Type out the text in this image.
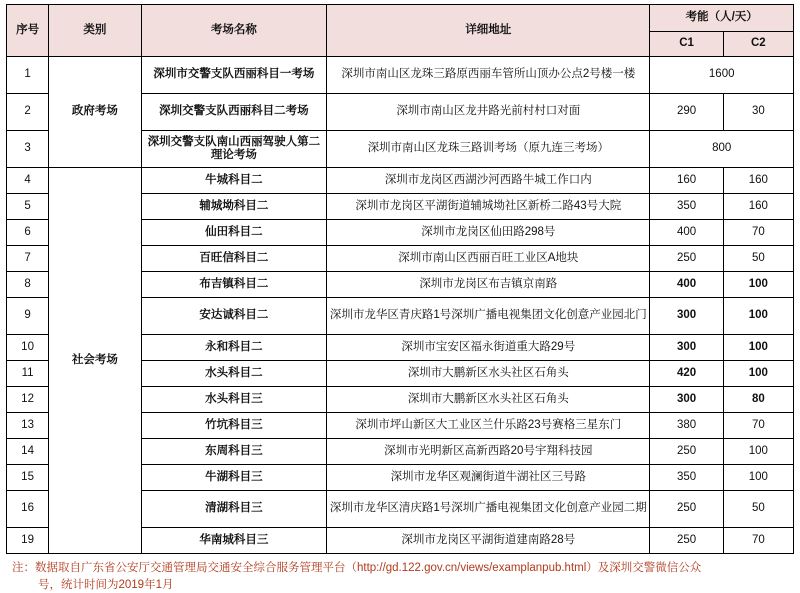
序号	类别	考场名称	详细地址	考能（人/天）	
				C1	C2
1	政府考场	深圳市交警支队西丽科目一考场	深圳市南山区龙珠三路原西丽车管所山顶办公点2号楼一楼	1600	
2		深圳交警支队西丽科目二考场	深圳市南山区龙井路光前村村口对面	290	30
3		深圳交警支队南山西丽驾驶人第二理论考场	深圳市南山区龙珠三路训考场（原九连三考场）	800	
4	社会考场	牛城科目二	深圳市龙岗区西湖沙河西路牛城工作口内	160	160
5		辅城坳科目二	深圳市龙岗区平湖街道辅城坳社区新桥二路43号大院	350	160
6		仙田科目二	深圳市龙岗区仙田路298号	400	70
7		百旺信科目二	深圳市南山区西丽百旺工业区A地块	250	50
8		布吉镇科目二	深圳市龙岗区布吉镇京南路	400	100
9		安达诚科目二	深圳市龙华区青庆路1号深圳广播电视集团文化创意产业园北门	300	100
10		永和科目二	深圳市宝安区福永街道重大路29号	300	100
11		水头科目二	深圳市大鹏新区水头社区石角头	420	100
12		水头科目三	深圳市大鹏新区水头社区石角头	300	80
13		竹坑科目三	深圳市坪山新区大工业区兰什乐路23号赛格三星东门	380	70
14		东周科目三	深圳市光明新区高新西路20号宇翔科技园	250	100
15		牛湖科目三	深圳市龙华区观澜街道牛湖社区三号路	350	100
16		清湖科目三	深圳市龙华区清庆路1号深圳广播电视集团文化创意产业园二期	250	50
19		华南城科目三	深圳市龙岗区平湖街道建南路28号	250	70
注：数据取自广东省公安厅交通管理局交通安全综合服务管理平台（http://gd.122.gov.cn/views/examplanpub.html）及深圳交警微信公众
号，统计时间为2019年1月
